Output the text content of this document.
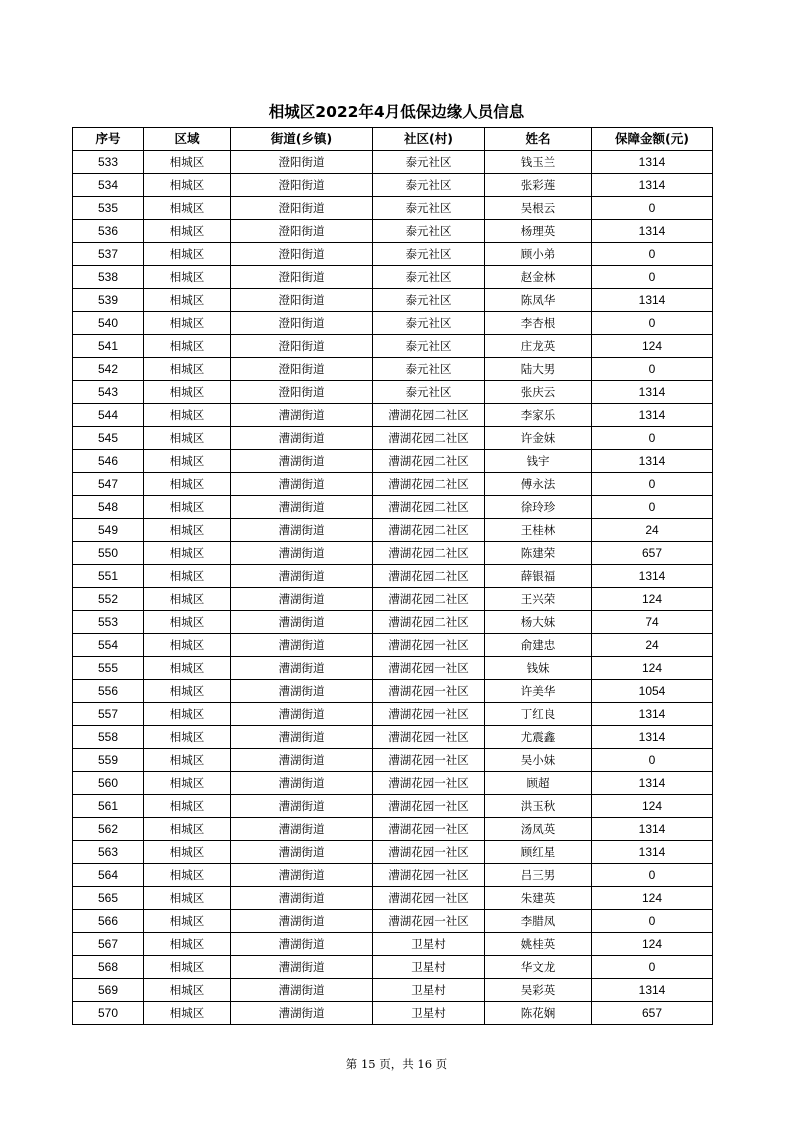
相城区2022年4月低保边缘人员信息
序号	区域	街道(乡镇)	社区(村)	姓名	保障金额(元)
533	相城区	澄阳街道	泰元社区	钱玉兰	1314
534	相城区	澄阳街道	泰元社区	张彩莲	1314
535	相城区	澄阳街道	泰元社区	吴根云	0
536	相城区	澄阳街道	泰元社区	杨理英	1314
537	相城区	澄阳街道	泰元社区	顾小弟	0
538	相城区	澄阳街道	泰元社区	赵金林	0
539	相城区	澄阳街道	泰元社区	陈凤华	1314
540	相城区	澄阳街道	泰元社区	李杏根	0
541	相城区	澄阳街道	泰元社区	庄龙英	124
542	相城区	澄阳街道	泰元社区	陆大男	0
543	相城区	澄阳街道	泰元社区	张庆云	1314
544	相城区	漕湖街道	漕湖花园二社区	李家乐	1314
545	相城区	漕湖街道	漕湖花园二社区	许金妹	0
546	相城区	漕湖街道	漕湖花园二社区	钱宇	1314
547	相城区	漕湖街道	漕湖花园二社区	傅永法	0
548	相城区	漕湖街道	漕湖花园二社区	徐玲珍	0
549	相城区	漕湖街道	漕湖花园二社区	王桂林	24
550	相城区	漕湖街道	漕湖花园二社区	陈建荣	657
551	相城区	漕湖街道	漕湖花园二社区	薛银福	1314
552	相城区	漕湖街道	漕湖花园二社区	王兴荣	124
553	相城区	漕湖街道	漕湖花园二社区	杨大妹	74
554	相城区	漕湖街道	漕湖花园一社区	俞建忠	24
555	相城区	漕湖街道	漕湖花园一社区	钱妹	124
556	相城区	漕湖街道	漕湖花园一社区	许美华	1054
557	相城区	漕湖街道	漕湖花园一社区	丁红良	1314
558	相城区	漕湖街道	漕湖花园一社区	尤震鑫	1314
559	相城区	漕湖街道	漕湖花园一社区	吴小妹	0
560	相城区	漕湖街道	漕湖花园一社区	顾超	1314
561	相城区	漕湖街道	漕湖花园一社区	洪玉秋	124
562	相城区	漕湖街道	漕湖花园一社区	汤凤英	1314
563	相城区	漕湖街道	漕湖花园一社区	顾红星	1314
564	相城区	漕湖街道	漕湖花园一社区	吕三男	0
565	相城区	漕湖街道	漕湖花园一社区	朱建英	124
566	相城区	漕湖街道	漕湖花园一社区	李腊凤	0
567	相城区	漕湖街道	卫星村	姚桂英	124
568	相城区	漕湖街道	卫星村	华文龙	0
569	相城区	漕湖街道	卫星村	吴彩英	1314
570	相城区	漕湖街道	卫星村	陈花娴	657
第 15 页，共 16 页
